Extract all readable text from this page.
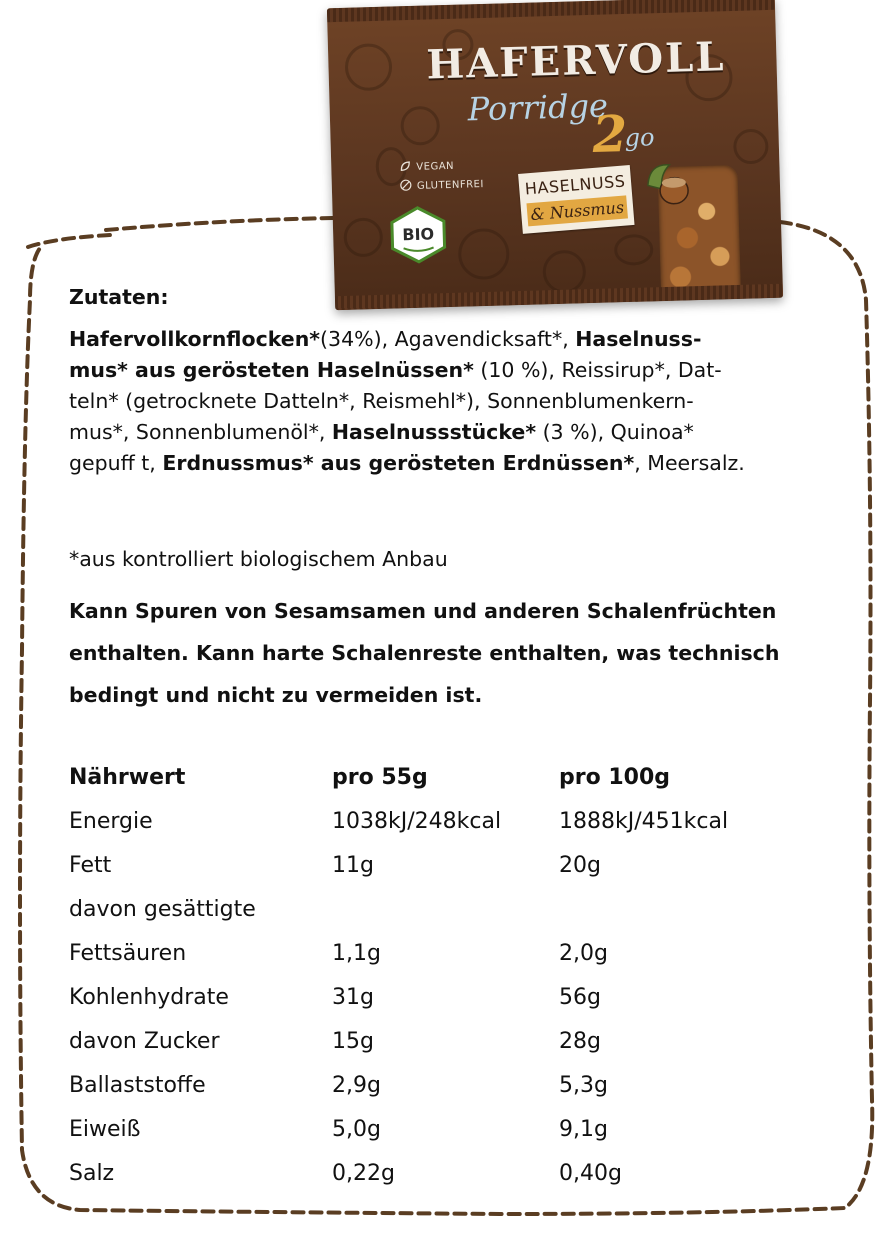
HAFERVOLL
Porridge
2
go
VEGAN
GLUTENFREI
BIO
HASELNUSS
& Nussmus
Zutaten:

Hafervollkornflocken*(34%), Agavendicksaft*, Haselnuss-

mus* aus gerösteten Haselnüssen* (10 %), Reissirup*, Dat-

teln* (getrocknete Datteln*, Reismehl*), Sonnenblumenkern-

mus*, Sonnenblumenöl*, Haselnussstücke* (3 %), Quinoa*

gepuff t, Erdnussmus* aus gerösteten Erdnüssen*, Meersalz.

*aus kontrolliert biologischem Anbau
Kann Spuren von Sesamsamen und anderen Schalenfrüchten enthalten. Kann harte Schalenreste enthalten, was technisch bedingt und nicht zu vermeiden ist.
Nährwert	pro 55g	pro 100g
Energie	1038kJ/248kcal	1888kJ/451kcal
Fett	11g	20g
davon gesättigte
Fettsäuren	1,1g	2,0g
Kohlenhydrate	31g	56g
davon Zucker	15g	28g
Ballaststoffe	2,9g	5,3g
Eiweiß	5,0g	9,1g
Salz	0,22g	0,40g
